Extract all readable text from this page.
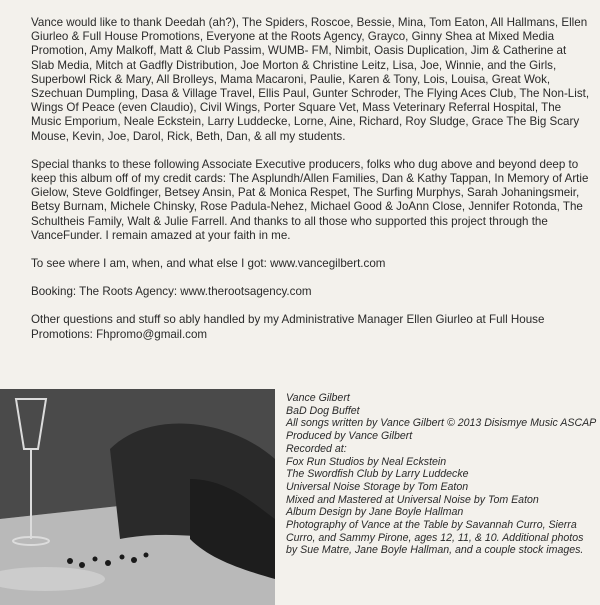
Vance would like to thank Deedah (ah?), The Spiders, Roscoe, Bessie, Mina, Tom Eaton, All Hallmans, Ellen Giurleo & Full House Promotions, Everyone at the Roots Agency, Grayco, Ginny Shea at Mixed Media Promotion, Amy Malkoff, Matt & Club Passim, WUMB- FM, Nimbit, Oasis Duplication, Jim & Catherine at Slab Media, Mitch at Gadfly Distribution, Joe Morton & Christine Leitz, Lisa, Joe, Winnie, and the Girls, Superbowl Rick & Mary, All Brolleys, Mama Macaroni, Paulie, Karen & Tony, Lois, Louisa, Great Wok, Szechuan Dumpling, Dasa & Village Travel, Ellis Paul, Gunter Schroder, The Flying Aces Club, The Non-List, Wings Of Peace (even Claudio), Civil Wings, Porter Square Vet, Mass Veterinary Referral Hospital, The Music Emporium, Neale Eckstein, Larry Luddecke, Lorne, Aine, Richard, Roy Sludge, Grace The Big Scary Mouse, Kevin, Joe, Darol, Rick, Beth, Dan, & all my students.

Special thanks to these following Associate Executive producers, folks who dug above and beyond deep to keep this album off of my credit cards: The Asplundh/Allen Families, Dan & Kathy Tappan, In Memory of Artie Gielow, Steve Goldfinger, Betsey Ansin, Pat & Monica Respet, The Surfing Murphys, Sarah Johaningsmeir, Betsy Burnam, Michele Chinsky, Rose Padula-Nehez, Michael Good & JoAnn Close, Jennifer Rotonda, The Schultheis Family, Walt & Julie Farrell. And thanks to all those who supported this project through the VanceFunder. I remain amazed at your faith in me.

To see where I am, when, and what else I got: www.vancegilbert.com

Booking: The Roots Agency: www.therootsagency.com

Other questions and stuff so ably handled by my Administrative Manager Ellen Giurleo at Full House Promotions: Fhpromo@gmail.com

Vance Gilbert
BaD Dog Buffet
All songs written by Vance Gilbert © 2013 Disismye Music ASCAP
Produced by Vance Gilbert
Recorded at:
Fox Run Studios by Neal Eckstein
The Swordfish Club by Larry Luddecke
Universal Noise Storage by Tom Eaton
Mixed and Mastered at Universal Noise by Tom Eaton
Album Design by Jane Boyle Hallman
Photography of Vance at the Table by Savannah Curro, Sierra Curro, and Sammy Pirone, ages 12, 11, & 10. Additional photos by Sue Matre, Jane Boyle Hallman, and a couple stock images.
